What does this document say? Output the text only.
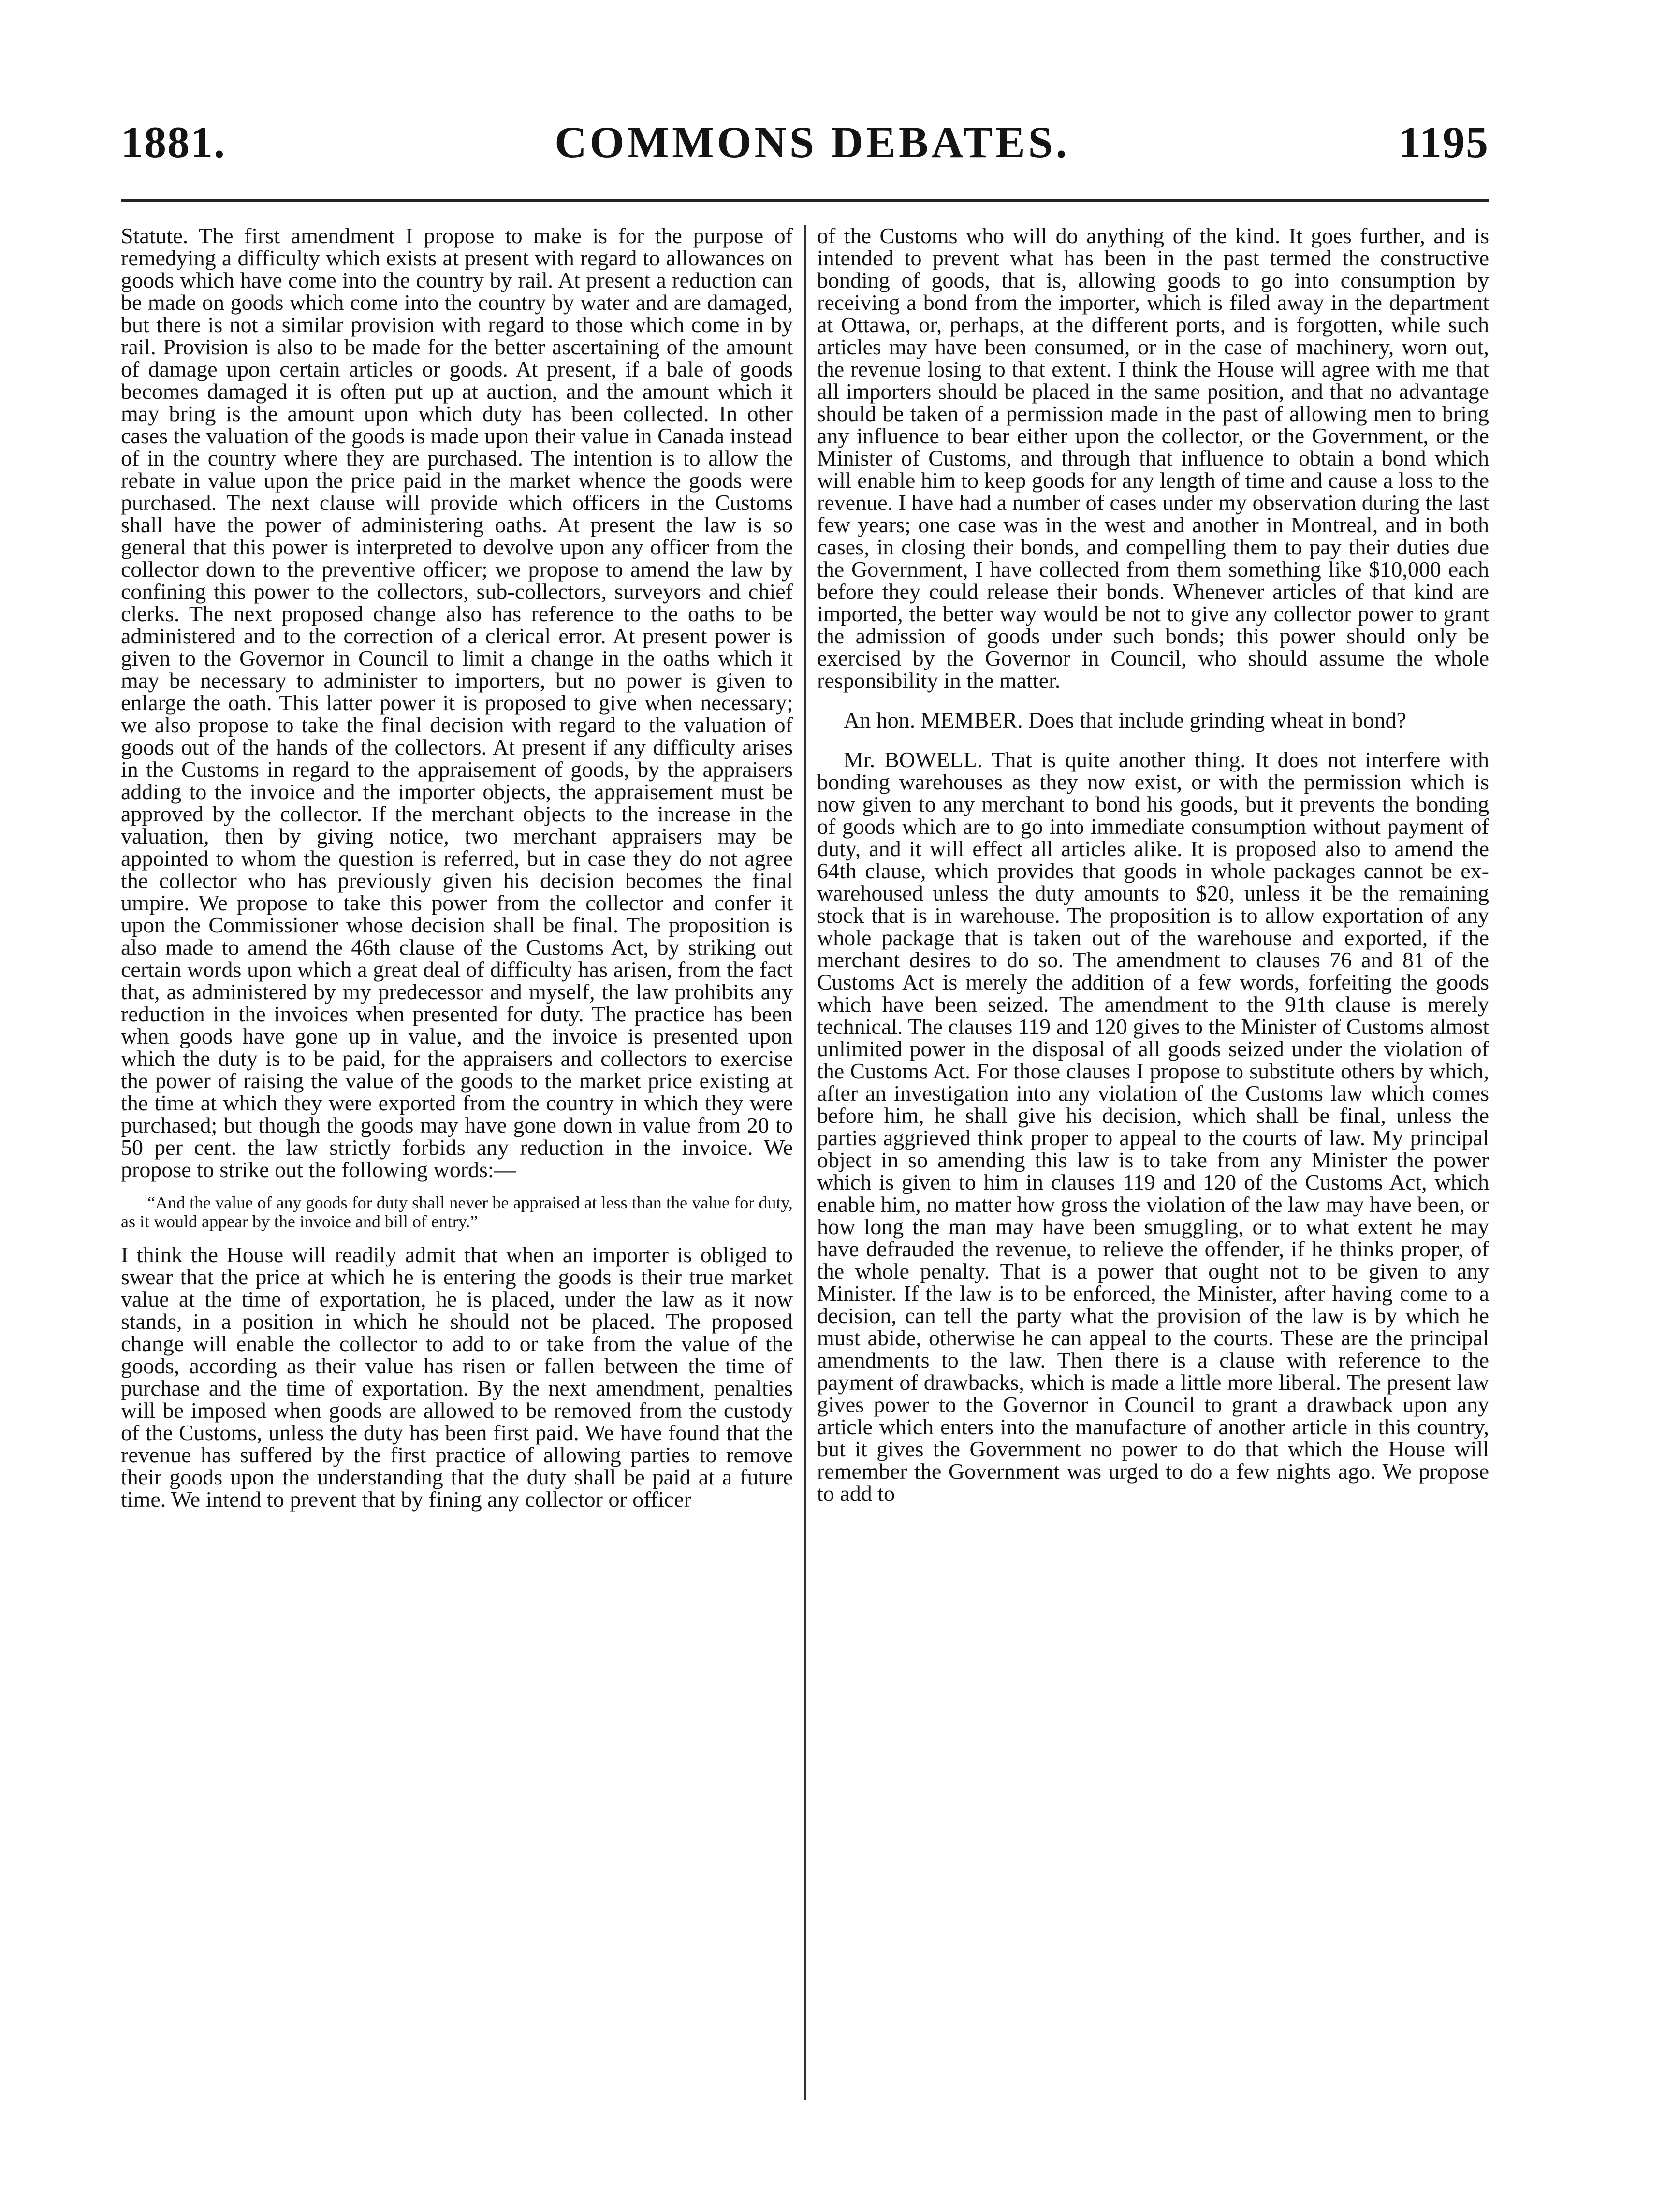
1881.	COMMONS DEBATES.	1195

Statute. The first amendment I propose to make is for the purpose of remedying a difficulty which exists at present with regard to allowances on goods which have come into the country by rail. At present a reduction can be made on goods which come into the country by water and are damaged, but there is not a similar provision with regard to those which come in by rail. Provision is also to be made for the better ascertaining of the amount of damage upon certain articles or goods. At present, if a bale of goods becomes damaged it is often put up at auction, and the amount which it may bring is the amount upon which duty has been collected. In other cases the valuation of the goods is made upon their value in Canada instead of in the country where they are purchased. The intention is to allow the rebate in value upon the price paid in the market whence the goods were purchased. The next clause will provide which officers in the Customs shall have the power of administering oaths. At present the law is so general that this power is interpreted to devolve upon any officer from the collector down to the preventive officer; we propose to amend the law by confining this power to the collectors, sub-collectors, surveyors and chief clerks. The next proposed change also has reference to the oaths to be administered and to the correction of a clerical error. At present power is given to the Governor in Council to limit a change in the oaths which it may be necessary to administer to importers, but no power is given to enlarge the oath. This latter power it is proposed to give when necessary; we also propose to take the final decision with regard to the valuation of goods out of the hands of the collectors. At present if any difficulty arises in the Customs in regard to the appraisement of goods, by the appraisers adding to the invoice and the importer objects, the appraisement must be approved by the collector. If the merchant objects to the increase in the valuation, then by giving notice, two merchant appraisers may be appointed to whom the question is referred, but in case they do not agree the collector who has previously given his decision becomes the final umpire. We propose to take this power from the collector and confer it upon the Commissioner whose decision shall be final. The proposition is also made to amend the 46th clause of the Customs Act, by striking out certain words upon which a great deal of difficulty has arisen, from the fact that, as administered by my predecessor and myself, the law prohibits any reduction in the invoices when presented for duty. The practice has been when goods have gone up in value, and the invoice is presented upon which the duty is to be paid, for the appraisers and collectors to exercise the power of raising the value of the goods to the market price existing at the time at which they were exported from the country in which they were purchased; but though the goods may have gone down in value from 20 to 50 per cent. the law strictly forbids any reduction in the invoice. We propose to strike out the following words:—

“And the value of any goods for duty shall never be appraised at less than the value for duty, as it would appear by the invoice and bill of entry.”

I think the House will readily admit that when an importer is obliged to swear that the price at which he is entering the goods is their true market value at the time of exportation, he is placed, under the law as it now stands, in a position in which he should not be placed. The proposed change will enable the collector to add to or take from the value of the goods, according as their value has risen or fallen between the time of purchase and the time of exportation. By the next amendment, penalties will be imposed when goods are allowed to be removed from the custody of the Customs, unless the duty has been first paid. We have found that the revenue has suffered by the first practice of allowing parties to remove their goods upon the understanding that the duty shall be paid at a future time. We intend to prevent that by fining any collector or officer

of the Customs who will do anything of the kind. It goes further, and is intended to prevent what has been in the past termed the constructive bonding of goods, that is, allowing goods to go into consumption by receiving a bond from the importer, which is filed away in the department at Ottawa, or, perhaps, at the different ports, and is forgotten, while such articles may have been consumed, or in the case of machinery, worn out, the revenue losing to that extent. I think the House will agree with me that all importers should be placed in the same position, and that no advantage should be taken of a permission made in the past of allowing men to bring any influence to bear either upon the collector, or the Government, or the Minister of Customs, and through that influence to obtain a bond which will enable him to keep goods for any length of time and cause a loss to the revenue. I have had a number of cases under my observation during the last few years; one case was in the west and another in Montreal, and in both cases, in closing their bonds, and compelling them to pay their duties due the Government, I have collected from them something like $10,000 each before they could release their bonds. Whenever articles of that kind are imported, the better way would be not to give any collector power to grant the admission of goods under such bonds; this power should only be exercised by the Governor in Council, who should assume the whole responsibility in the matter.

An hon. MEMBER. Does that include grinding wheat in bond?

Mr. BOWELL. That is quite another thing. It does not interfere with bonding warehouses as they now exist, or with the permission which is now given to any merchant to bond his goods, but it prevents the bonding of goods which are to go into immediate consumption without payment of duty, and it will effect all articles alike. It is proposed also to amend the 64th clause, which provides that goods in whole packages cannot be ex-warehoused unless the duty amounts to $20, unless it be the remaining stock that is in warehouse. The proposition is to allow exportation of any whole package that is taken out of the warehouse and exported, if the merchant desires to do so. The amendment to clauses 76 and 81 of the Customs Act is merely the addition of a few words, forfeiting the goods which have been seized. The amendment to the 91th clause is merely technical. The clauses 119 and 120 gives to the Minister of Customs almost unlimited power in the disposal of all goods seized under the violation of the Customs Act. For those clauses I propose to substitute others by which, after an investigation into any violation of the Customs law which comes before him, he shall give his decision, which shall be final, unless the parties aggrieved think proper to appeal to the courts of law. My principal object in so amending this law is to take from any Minister the power which is given to him in clauses 119 and 120 of the Customs Act, which enable him, no matter how gross the violation of the law may have been, or how long the man may have been smuggling, or to what extent he may have defrauded the revenue, to relieve the offender, if he thinks proper, of the whole penalty. That is a power that ought not to be given to any Minister. If the law is to be enforced, the Minister, after having come to a decision, can tell the party what the provision of the law is by which he must abide, otherwise he can appeal to the courts. These are the principal amendments to the law. Then there is a clause with reference to the payment of drawbacks, which is made a little more liberal. The present law gives power to the Governor in Council to grant a drawback upon any article which enters into the manufacture of another article in this country, but it gives the Government no power to do that which the House will remember the Government was urged to do a few nights ago. We propose to add to
